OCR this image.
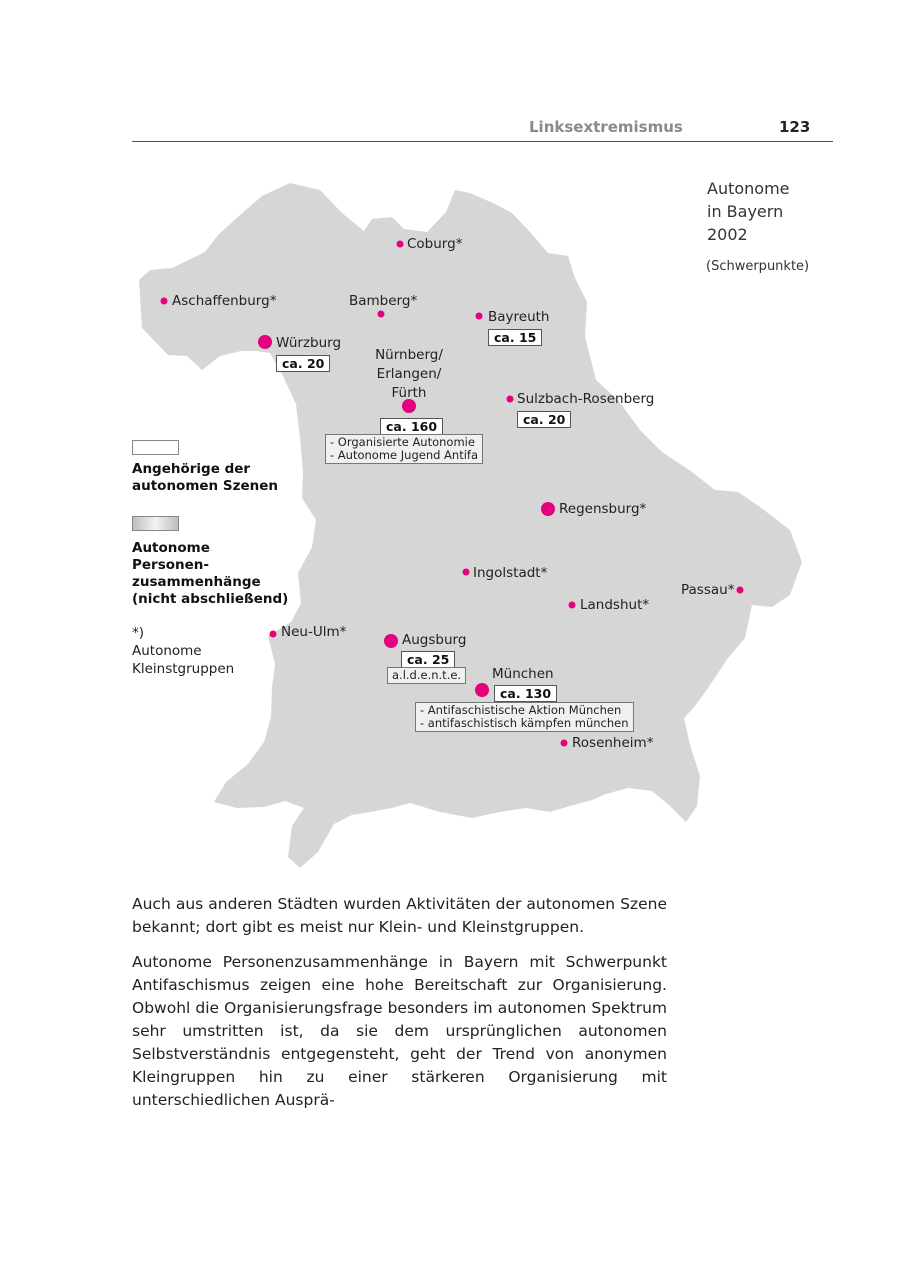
Linksextremismus	123
Autonome
in Bayern
2002
(Schwerpunkte)
Coburg*
Aschaffenburg*	Bamberg*
Bayreuth
ca. 15
Würzburg
ca. 20
Nürnberg/
Erlangen/
Fürth
ca. 160
- Organisierte Autonomie
- Autonome Jugend Antifa
Sulzbach-Rosenberg
ca. 20
Regensburg*
Ingolstadt*
Passau*
Landshut*
Neu-Ulm*	Augsburg
ca. 25
a.l.d.e.n.t.e. München
ca. 130
- Antifaschistische Aktion München
- antifaschistisch kämpfen münchen
Rosenheim*
Angehörige der
autonomen Szenen
Autonome
Personen-
zusammenhänge
(nicht abschließend)
*)
Autonome
Kleinstgruppen

Auch aus anderen Städten wurden Aktivitäten der autonomen Szene bekannt; dort gibt es meist nur Klein- und Kleinstgruppen.

Autonome Personenzusammenhänge in Bayern mit Schwerpunkt Antifaschismus zeigen eine hohe Bereitschaft zur Organisierung. Obwohl die Organisierungsfrage besonders im autonomen Spektrum sehr umstritten ist, da sie dem ursprünglichen autonomen Selbstverständnis entgegensteht, geht der Trend von anonymen Kleingruppen hin zu einer stärkeren Organisierung mit unterschiedlichen Ausprä-
